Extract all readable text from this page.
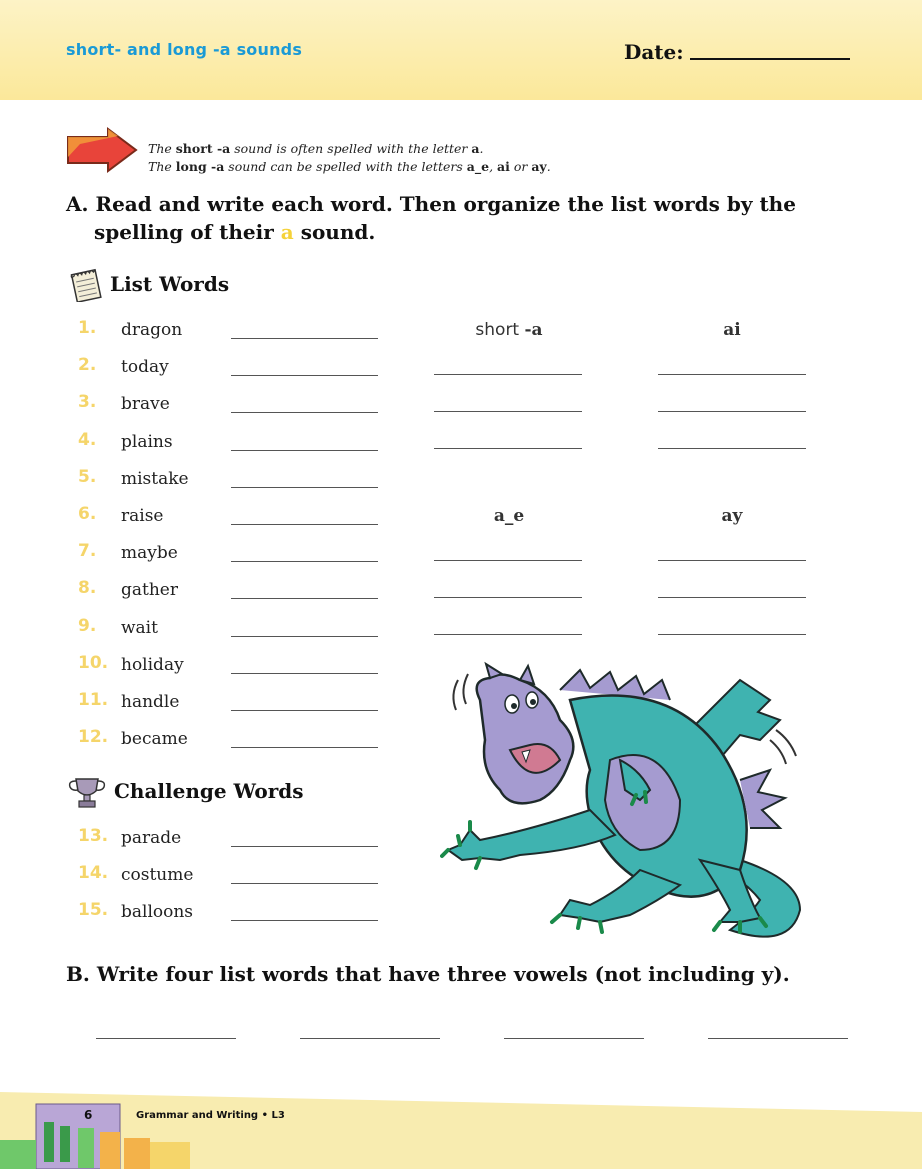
short- and long -a sounds	Date:
The short -a sound is often spelled with the letter a.
The long -a sound can be spelled with the letters a_e, ai or ay.
A. Read and write each word. Then organize the list words by the
spelling of their a sound.
List Words
1.	dragon
2.	today
3.	brave
4.	plains
5.	mistake
6.	raise
7.	maybe
8.	gather
9.	wait
10. holiday
11. handle
12. became
short -a	ai
a_e	ay
Challenge Words
13. parade
14. costume
15. balloons
B. Write four list words that have three vowels (not including y).
6	Grammar and Writing • L3
